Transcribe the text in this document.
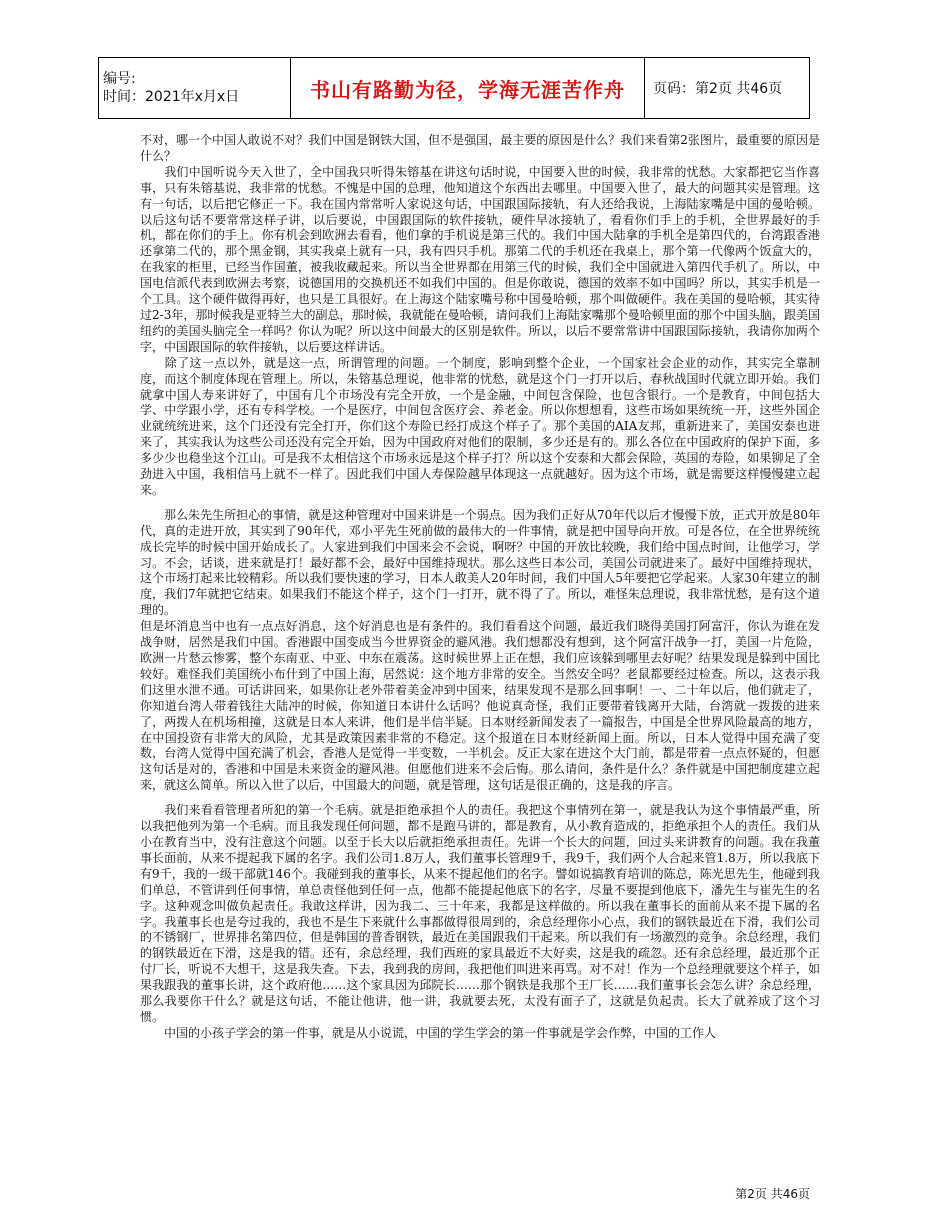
编号:
时间：2021年x月x日	书山有路勤为径，学海无涯苦作舟	页码：第2页 共46页

不对，哪一个中国人敢说不对？我们中国是钢铁大国，但不是强国，最主要的原因是什么？我们来看第2张图片，最重要的原因是什么？

　　我们中国听说今天入世了，全中国我只听得朱镕基在讲这句话时说，中国要入世的时候，我非常的忧愁。大家都把它当作喜事，只有朱镕基说，我非常的忧愁。不愧是中国的总理，他知道这个东西出去哪里。中国要入世了，最大的问题其实是管理。这有一句话，以后把它修正一下。我在国内常常听人家说这句话，中国跟国际接轨，有人还给我说，上海陆家嘴是中国的曼哈顿。以后这句话不要常常这样子讲，以后要说，中国跟国际的软件接轨，硬件早冰接轨了，看看你们手上的手机，全世界最好的手机，都在你们的手上。你有机会到欧洲去看看，他们拿的手机说是第三代的。我们中国大陆拿的手机全是第四代的，台湾跟香港还拿第二代的，那个黑金钢，其实我桌上就有一只，我有四只手机。那第二代的手机还在我桌上，那个第一代像两个饭盒大的，在我家的柜里，已经当作国董，被我收藏起来。所以当全世界都在用第三代的时候，我们全中国就进入第四代手机了。所以，中国电信派代表到欧洲去考察，说德国用的交换机还不如我们中国的。但是你敢说，德国的效率不如中国吗？所以，其实手机是一个工具。这个硬件做得再好，也只是工具很好。在上海这个陆家嘴号称中国曼哈顿，那个叫做硬件。我在美国的曼哈顿，其实待过2-3年，那时候我是亚特兰大的副总，那时候，我就能在曼哈顿，请问我们上海陆家嘴那个曼哈顿里面的那个中国头脑，跟美国纽约的美国头脑完全一样吗？你认为呢？所以这中间最大的区别是软件。所以，以后不要常常讲中国跟国际接轨，我请你加两个字，中国跟国际的软件接轨，以后要这样讲话。

　　除了这一点以外，就是这一点，所谓管理的问题。一个制度，影响到整个企业，一个国家社会企业的动作，其实完全靠制度，而这个制度体现在管理上。所以，朱镕基总理说，他非常的忧愁，就是这个门一打开以后，春秋战国时代就立即开始。我们就拿中国人寿来讲好了，中国有几个市场没有完全开放，一个是金融，中间包含保险，也包含银行。一个是教育，中间包括大学、中学跟小学，还有专科学校。一个是医疗，中间包含医疗会、养老金。所以你想想看，这些市场如果统统一开，这些外国企业就统统进来，这个门还没有完全打开，你们这个寿险已经打成这个样子了。那个美国的AIA友邦，重新进来了，美国安泰也进来了，其实我认为这些公司还没有完全开始，因为中国政府对他们的限制，多少还是有的。那么各位在中国政府的保护下面，多多少少也稳坐这个江山。可是我不太相信这个市场永远是这个样子打？所以这个安泰和大都会保险，英国的寿险，如果铆足了全劲进入中国，我相信马上就不一样了。因此我们中国人寿保险越早体现这一点就越好。因为这个市场，就是需要这样慢慢建立起来。

　　那么朱先生所担心的事情，就是这种管理对中国来讲是一个弱点。因为我们正好从70年代以后才慢慢下放，正式开放是80年代，真的走进开放，其实到了90年代，邓小平先生死前做的最伟大的一件事情，就是把中国导向开放。可是各位，在全世界统统成长完毕的时候中国开始成长了。人家进到我们中国来会不会说，啊呀？中国的开放比较晚，我们给中国点时间，让他学习，学习。不会，话谈，进来就是打！最好都不会，最好中国维持现状。那么这些日本公司，美国公司就进来了。最好中国维持现状，这个市场打起来比较精彩。所以我们要快速的学习，日本人敢美人20年时间，我们中国人5年要把它学起来。人家30年建立的制度，我们7年就把它结束。如果我们不能这个样子，这个门一打开，就不得了了。所以，难怪朱总理说，我非常忧愁，是有这个道理的。

但是坏消息当中也有一点点好消息，这个好消息也是有条件的。我们看看这个问题，最近我们晓得美国打阿富汗，你认为谁在发战争财，居然是我们中国。香港跟中国变成当今世界资金的避风港。我们想都没有想到，这个阿富汗战争一打，美国一片危险，欧洲一片愁云惨雾，整个东南亚、中亚、中东在震荡。这时候世界上正在想，我们应该躲到哪里去好呢？结果发现是躲到中国比较好。难怪我们美国统小布什到了中国上海，居然说：这个地方非常的安全。当然安全吗？老鼠都要经过检查。所以，这表示我们这里水泄不通。可话讲回来，如果你让老外带着美金冲到中国来，结果发现不是那么回事啊！一、二十年以后，他们就走了，你知道台湾人带着钱往大陆冲的时候，你知道日本讲什么话吗？他说真奇怪，我们正要带着钱离开大陆，台湾就一拨拨的进来了，两拨人在机场相撞，这就是日本人来讲，他们是半信半疑。日本财经新闻发表了一篇报告，中国是全世界风险最高的地方，在中国投资有非常大的风险，尤其是政策因素非常的不稳定。这个报道在日本财经新闻上面。所以，日本人觉得中国充满了变数，台湾人觉得中国充满了机会，香港人是觉得一半变数，一半机会。反正大家在进这个大门前，都是带着一点点怀疑的，但愿这句话是对的，香港和中国是未来资金的避风港。但愿他们进来不会后悔。那么请问，条件是什么？条件就是中国把制度建立起来，就这么简单。所以入世了以后，中国最大的问题，就是管理，这句话是很正确的，这是我的序言。

　　我们来看看管理者所犯的第一个毛病。就是拒绝承担个人的责任。我把这个事情列在第一，就是我认为这个事情最严重，所以我把他列为第一个毛病。而且我发现任何问题，都不是跑马讲的，都是教育，从小教育造成的，拒绝承担个人的责任。我们从小在教育当中，没有注意这个问题。以至于长大以后就拒绝承担责任。先讲一个长大的问题，回过头来讲教育的问题。我在我董事长面前，从来不提起我下属的名字。我们公司1.8万人，我们董事长管理9千，我9千，我们两个人合起来管1.8万，所以我底下有9千，我的一级干部就146个。我碰到我的董事长，从来不提起他们的名字。譬如说搞教育培训的陈总，陈光思先生，他碰到我们单总，不管讲到任何事情，单总责怪他到任何一点，他都不能提起他底下的名字，尽量不要提到他底下，潘先生与崔先生的名字。这种观念叫做负起责任。我敢这样讲，因为我二、三十年来，我都是这样做的。所以我在董事长的面前从来不提下属的名字。我董事长也是夸过我的，我也不是生下来就什么事都做得很周到的，余总经理你小心点，我们的钢铁最近在下滑，我们公司的不锈钢厂，世界排名第四位，但是韩国的普香钢铁，最近在美国跟我们干起来。所以我们有一场激烈的竞争。余总经理，我们的钢铁最近在下滑，这是我的错。还有，余总经理，我们西班的家具最近不大好卖，这是我的疏忽。还有余总经理，最近那个正付厂长，听说不大想干，这是我失查。下去，我到我的房间，我把他们叫进来再骂。对不对！作为一个总经理就要这个样子，如果我跟我的董事长讲，这个政府他……这个家具因为邱院长……那个钢铁是我那个王厂长……我们董事长会怎么讲？余总经理，那么我要你干什么？就是这句话，不能让他讲，他一讲，我就要去死，太没有面子了，这就是负起责。长大了就养成了这个习惯。

　　中国的小孩子学会的第一件事，就是从小说谎，中国的学生学会的第一件事就是学会作弊，中国的工作人

第2页 共46页
